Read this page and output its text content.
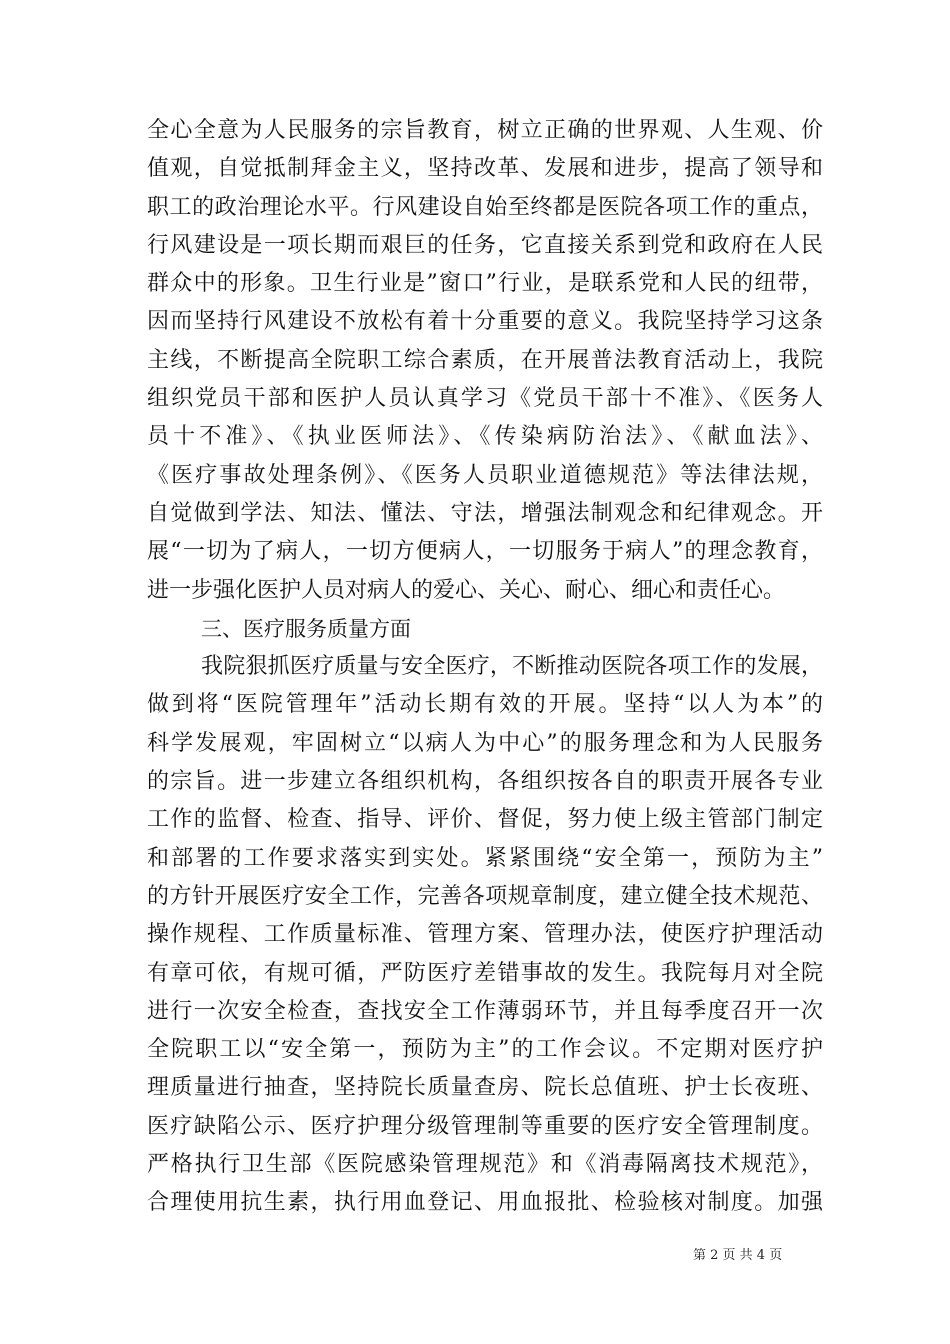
全心全意为人民服务的宗旨教育，树立正确的世界观、人生观、价
值观，自觉抵制拜金主义，坚持改革、发展和进步，提高了领导和
职工的政治理论水平。行风建设自始至终都是医院各项工作的重点，
行风建设是一项长期而艰巨的任务，它直接关系到党和政府在人民
群众中的形象。卫生行业是”窗口”行业，是联系党和人民的纽带，
因而坚持行风建设不放松有着十分重要的意义。我院坚持学习这条
主线，不断提高全院职工综合素质，在开展普法教育活动上，我院
组织党员干部和医护人员认真学习《党员干部十不准》、《医务人
员十不准》、《执业医师法》、《传染病防治法》、《献血法》、
《医疗事故处理条例》、《医务人员职业道德规范》等法律法规，
自觉做到学法、知法、懂法、守法，增强法制观念和纪律观念。开
展“一切为了病人，一切方便病人，一切服务于病人”的理念教育，
进一步强化医护人员对病人的爱心、关心、耐心、细心和责任心。
三、医疗服务质量方面
我院狠抓医疗质量与安全医疗，不断推动医院各项工作的发展，
做到将“医院管理年”活动长期有效的开展。坚持“以人为本”的
科学发展观，牢固树立“以病人为中心”的服务理念和为人民服务
的宗旨。进一步建立各组织机构，各组织按各自的职责开展各专业
工作的监督、检查、指导、评价、督促，努力使上级主管部门制定
和部署的工作要求落实到实处。紧紧围绕“安全第一，预防为主”
的方针开展医疗安全工作，完善各项规章制度，建立健全技术规范、
操作规程、工作质量标准、管理方案、管理办法，使医疗护理活动
有章可依，有规可循，严防医疗差错事故的发生。我院每月对全院
进行一次安全检查，查找安全工作薄弱环节，并且每季度召开一次
全院职工以“安全第一，预防为主”的工作会议。不定期对医疗护
理质量进行抽查，坚持院长质量查房、院长总值班、护士长夜班、
医疗缺陷公示、医疗护理分级管理制等重要的医疗安全管理制度。
严格执行卫生部《医院感染管理规范》和《消毒隔离技术规范》，
合理使用抗生素，执行用血登记、用血报批、检验核对制度。加强
第 2 页 共 4 页
